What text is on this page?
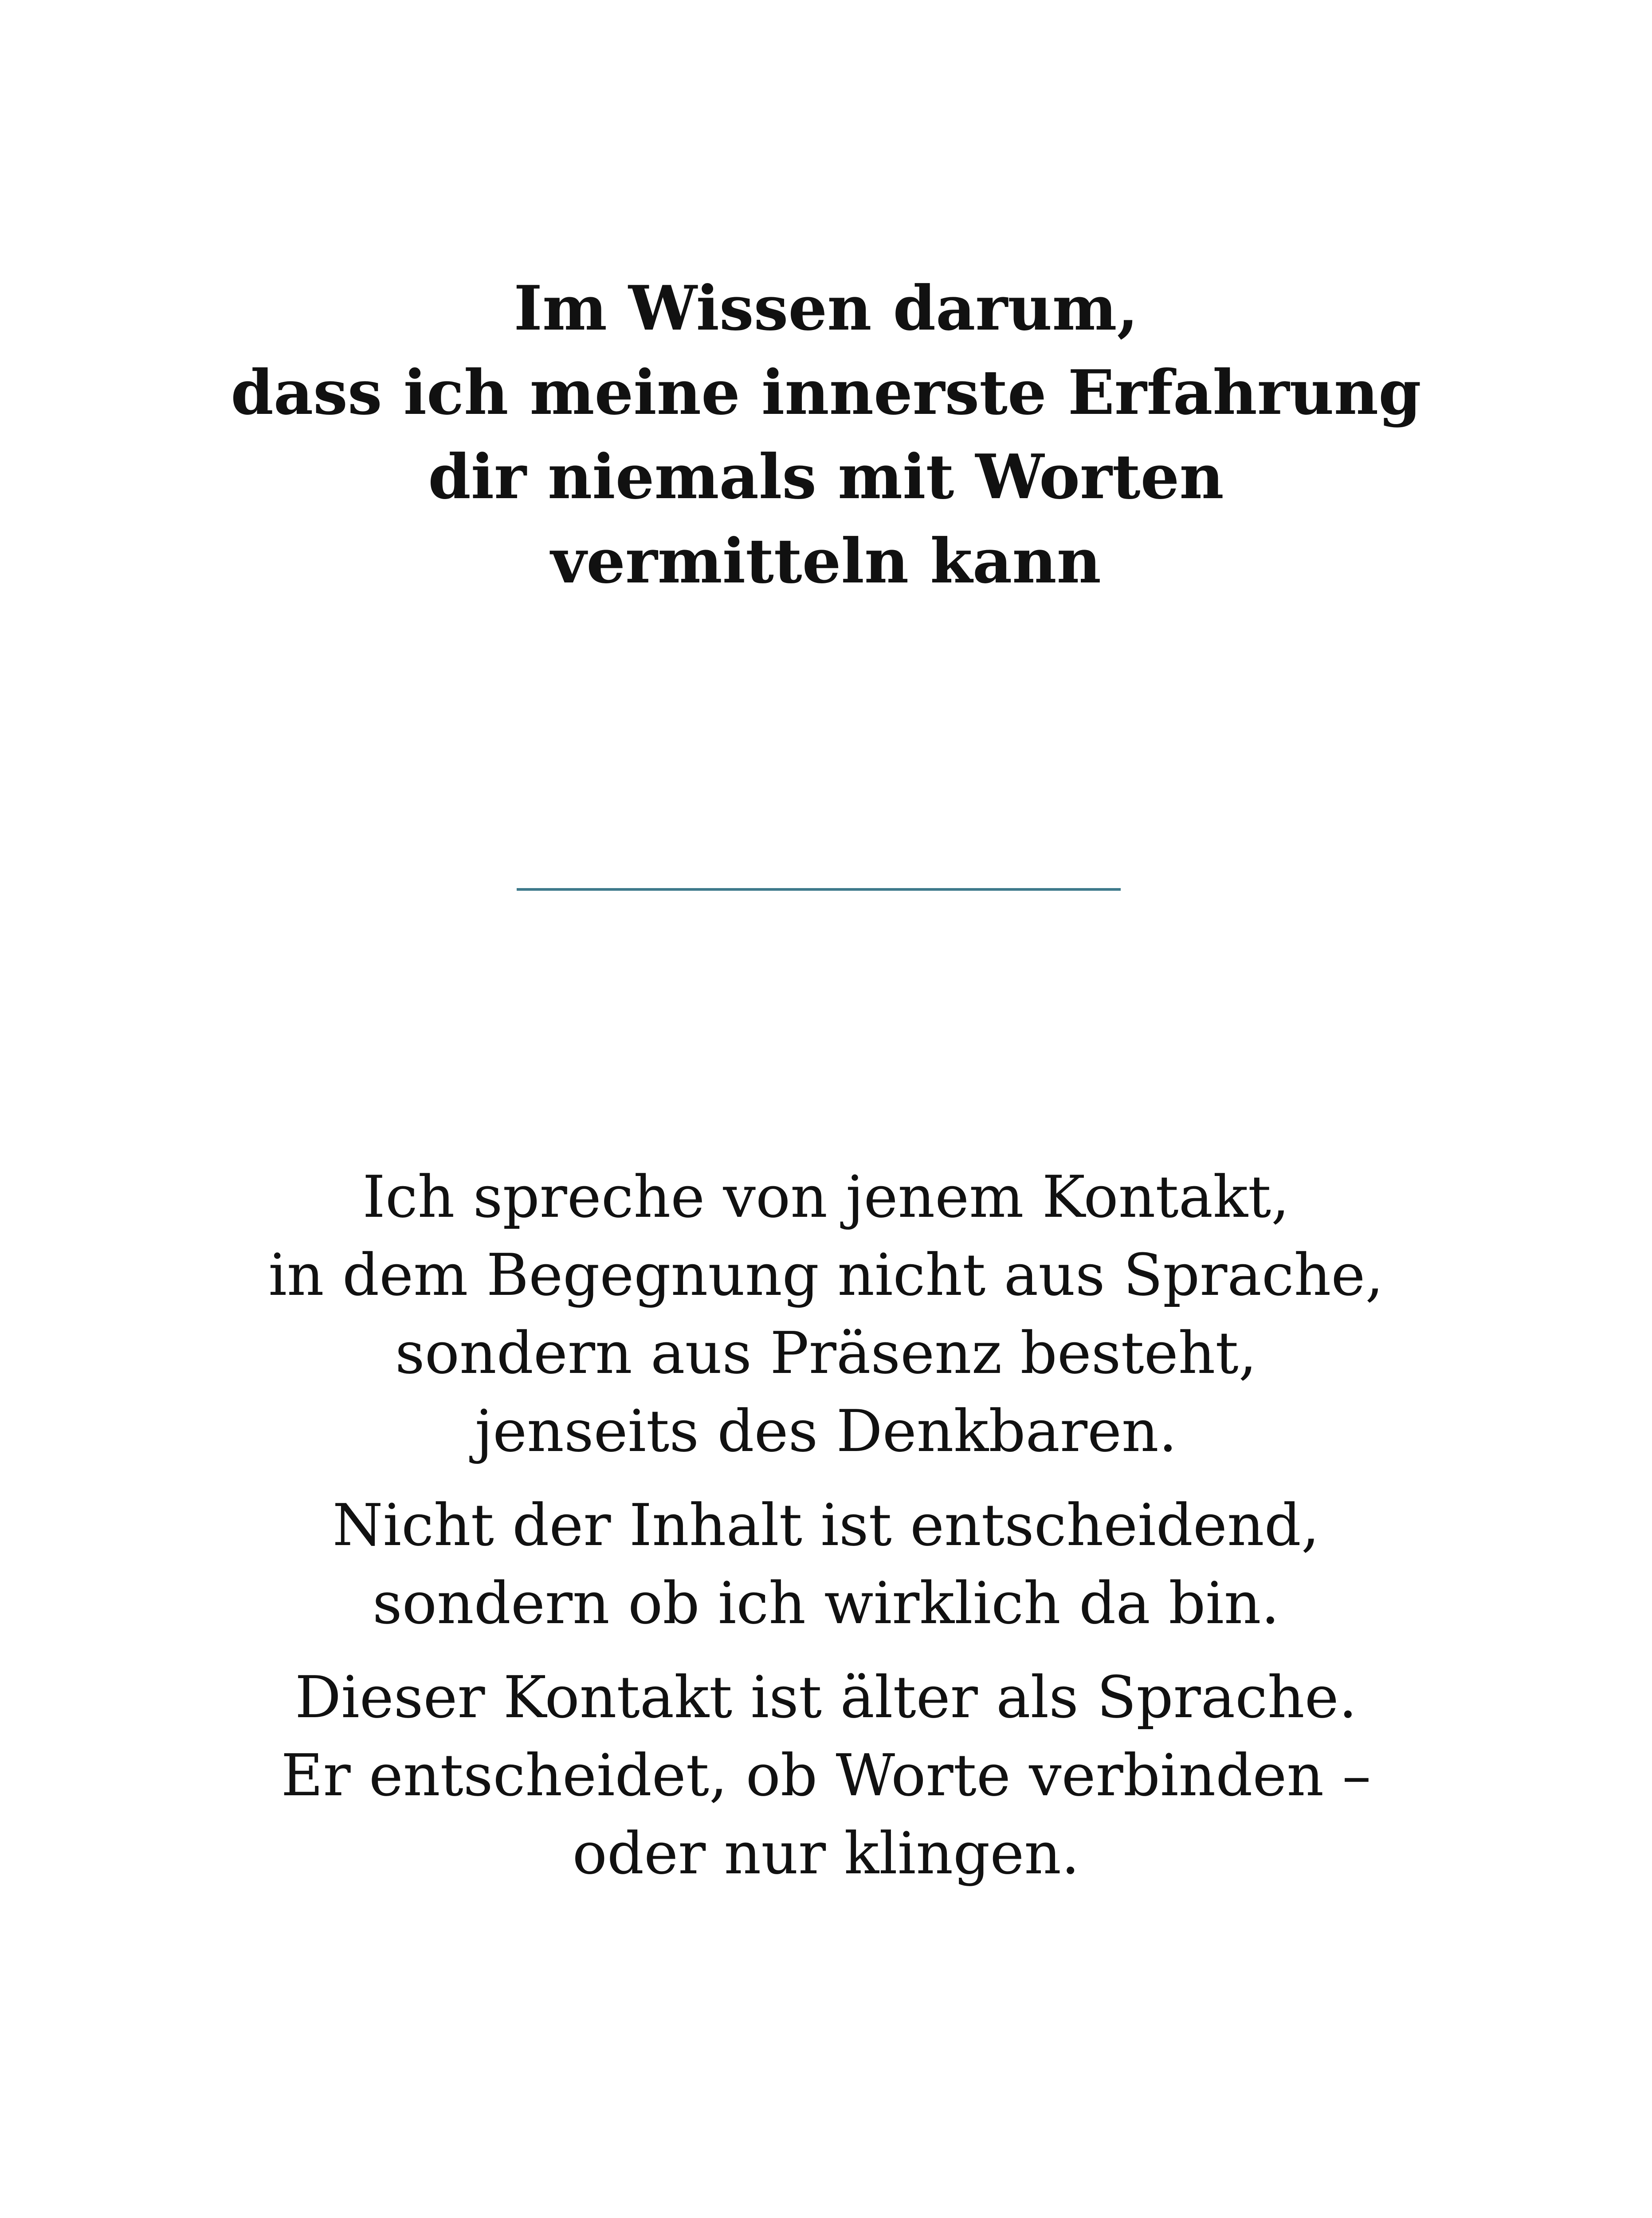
Im Wissen darum,
dass ich meine innerste Erfahrung
dir niemals mit Worten
vermitteln kann
Ich spreche von jenem Kontakt,
in dem Begegnung nicht aus Sprache,
sondern aus Präsenz besteht,
jenseits des Denkbaren.
Nicht der Inhalt ist entscheidend,
sondern ob ich wirklich da bin.
Dieser Kontakt ist älter als Sprache.
Er entscheidet, ob Worte verbinden –
oder nur klingen.
